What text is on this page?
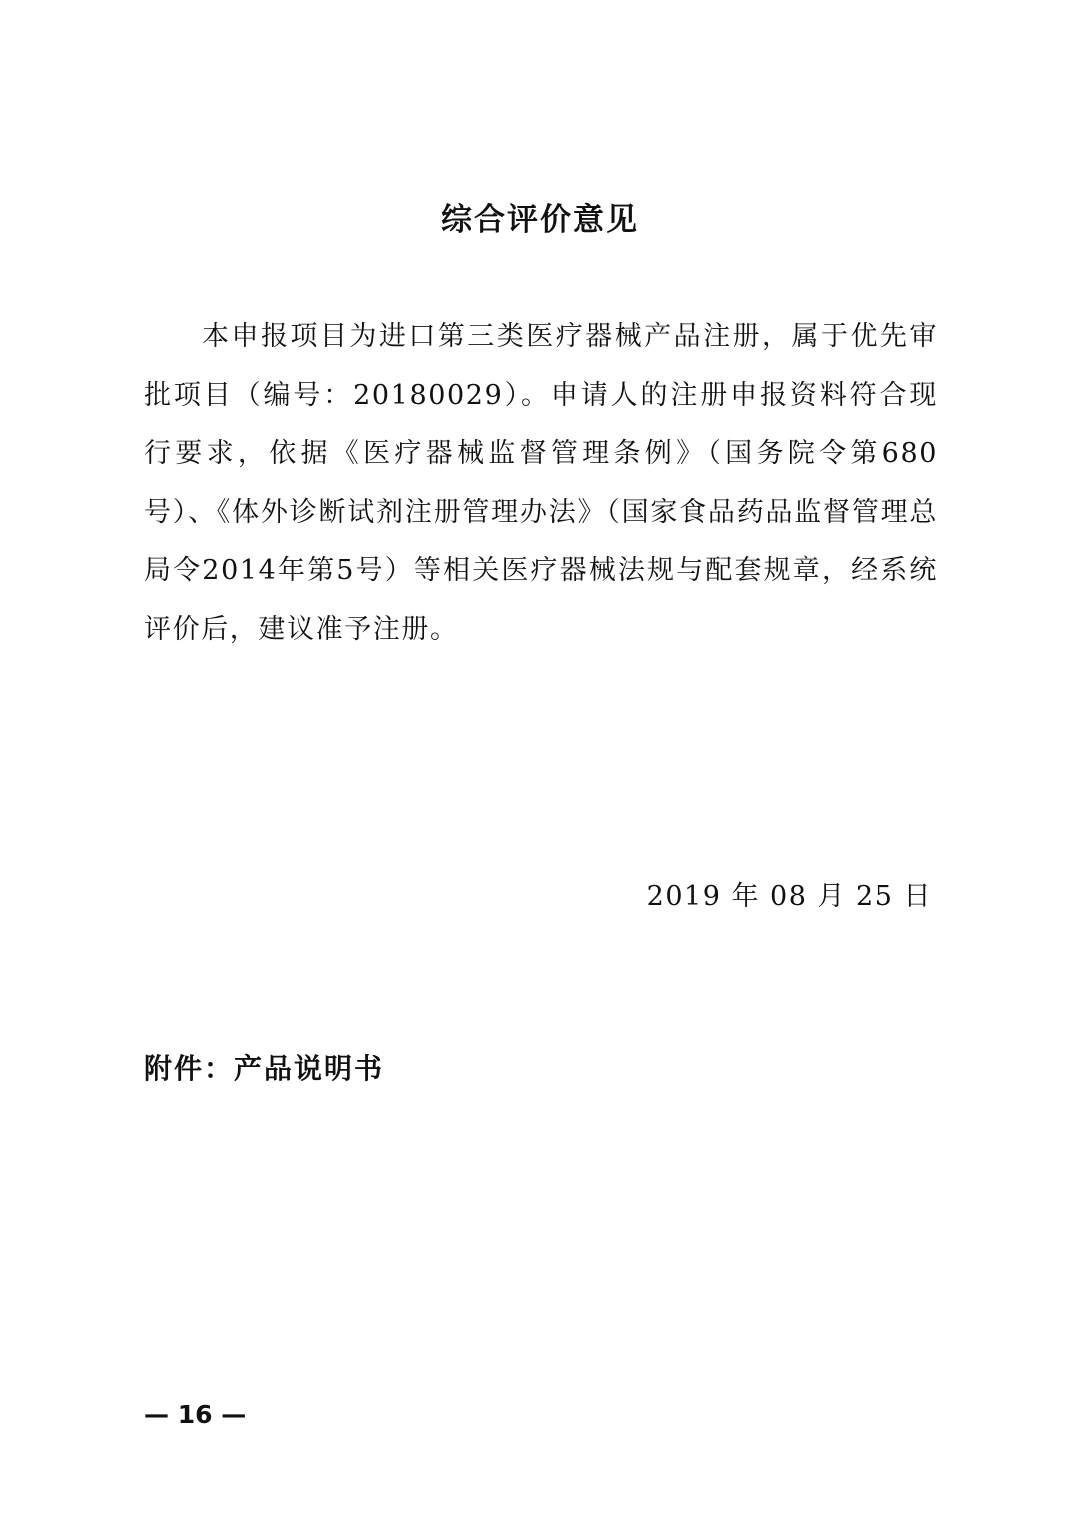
综合评价意见
本申报项目为进口第三类医疗器械产品注册，属于优先审批项目（编号：20180029）。申请人的注册申报资料符合现行要求，依据《医疗器械监督管理条例》（国务院令第680号）、《体外诊断试剂注册管理办法》（国家食品药品监督管理总局令2014年第5号）等相关医疗器械法规与配套规章，经系统评价后，建议准予注册。
2019 年 08 月 25 日
附件：产品说明书
— 16 —
